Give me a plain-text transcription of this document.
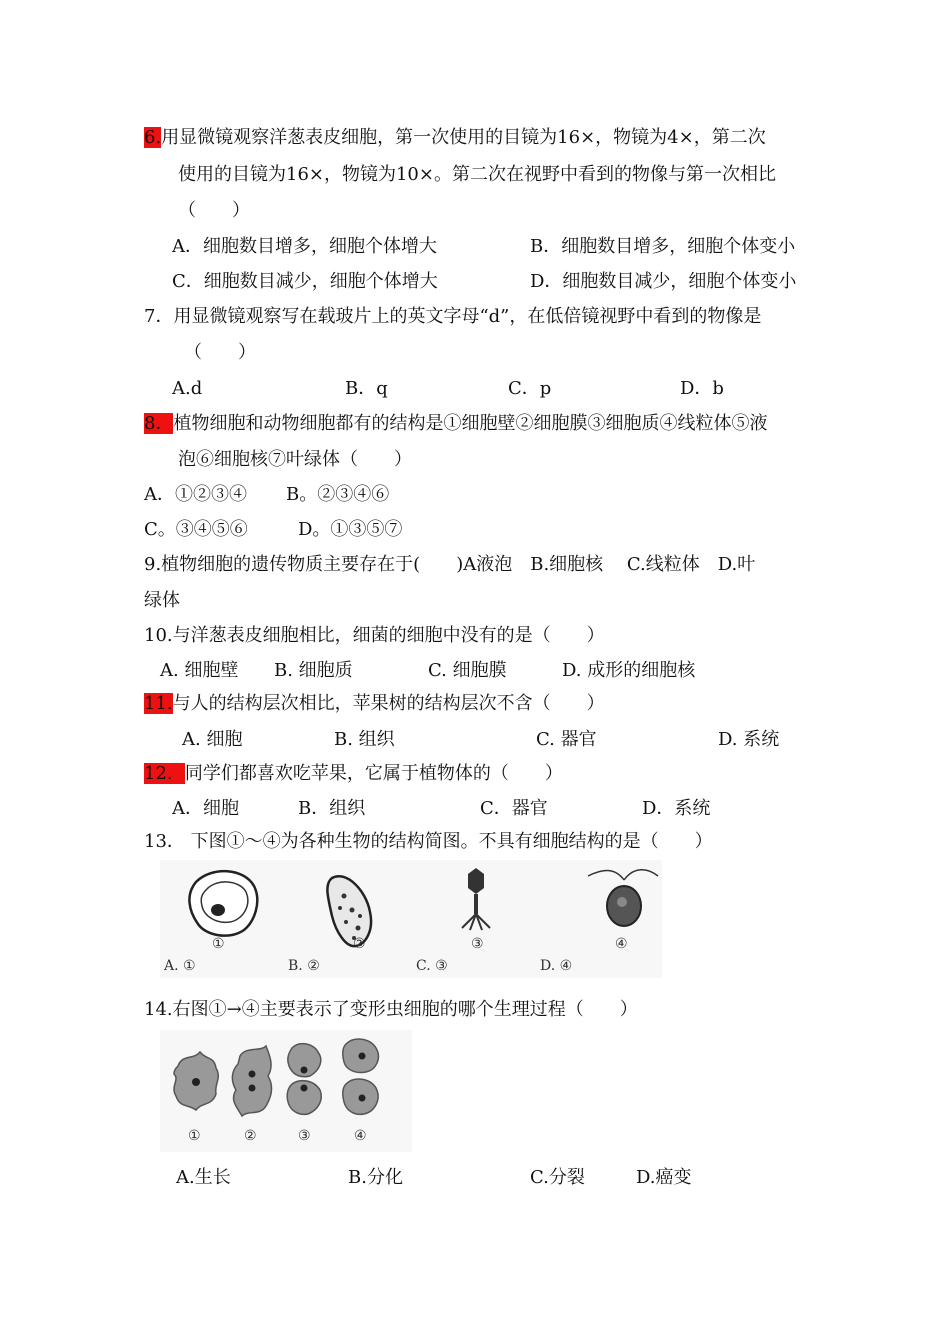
6.用显微镜观察洋葱表皮细胞，第一次使用的目镜为16×，物镜为4×，第二次
使用的目镜为16×，物镜为10×。第二次在视野中看到的物像与第一次相比
（　　）
A．细胞数目增多，细胞个体增大	B．细胞数目增多，细胞个体变小
C．细胞数目减少，细胞个体增大	D．细胞数目减少，细胞个体变小
7．用显微镜观察写在载玻片上的英文字母“d”，在低倍镜视野中看到的物像是
（　　）
A.d	B．q	C．p	D．b
8．植物细胞和动物细胞都有的结构是①细胞壁②细胞膜③细胞质④线粒体⑤液
泡⑥细胞核⑦叶绿体（　　）
A．①②③④ B。②③④⑥
C。③④⑤⑥	D。①③⑤⑦
9.植物细胞的遗传物质主要存在于(　　)A液泡　B.细胞核　 C.线粒体　D.叶
绿体
10.与洋葱表皮细胞相比，细菌的细胞中没有的是（　　）
A. 细胞壁 B. 细胞质	C. 细胞膜	D. 成形的细胞核
11.与人的结构层次相比，苹果树的结构层次不含（　　）
A. 细胞	B. 组织	C. 器官	D. 系统
12．同学们都喜欢吃苹果，它属于植物体的（　　）
A．细胞	B．组织	C．器官	D．系统
13． 下图①～④为各种生物的结构简图。不具有细胞结构的是（　　）
①	②	③	④
A. ①	B. ②	C. ③	D. ④
14.右图①→④主要表示了变形虫细胞的哪个生理过程（　　）
①	②	③	④
A.生长	B.分化	C.分裂	D.癌变
